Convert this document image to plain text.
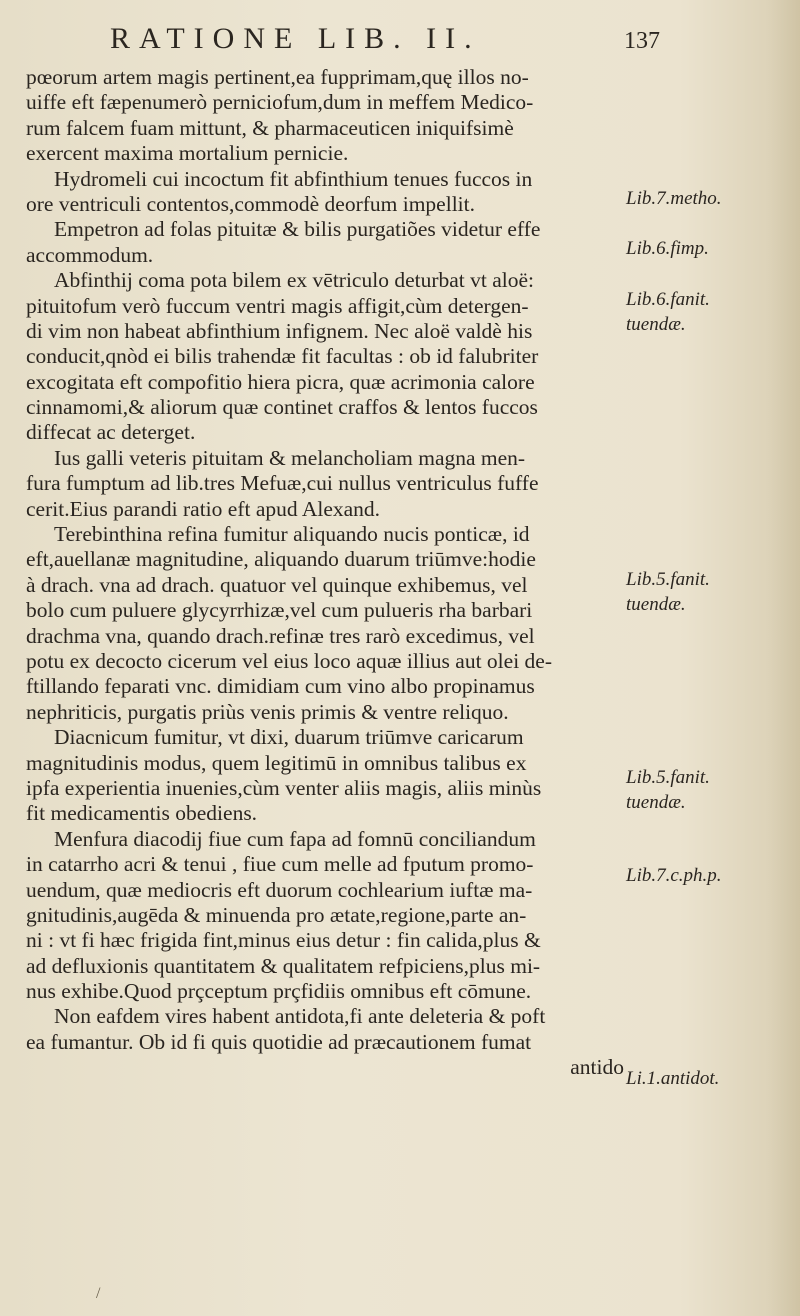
RATIONE LIB. II.	137
pœorum artem magis pertinent,ea fupprimam,quę illos no-
uiffe eft fæpenumerò perniciofum,dum in meffem Medico-
rum falcem fuam mittunt, & pharmaceuticen iniquifsimè
exercent maxima mortalium pernicie.
Hydromeli cui incoctum fit abfinthium tenues fuccos in
ore ventriculi contentos,commodè deorfum impellit.
Empetron ad folas pituitæ & bilis purgatiões videtur effe
accommodum.
Abfinthij coma pota bilem ex vētriculo deturbat vt aloë:
pituitofum verò fuccum ventri magis affigit,cùm detergen-
di vim non habeat abfinthium infignem. Nec aloë valdè his
conducit,qnòd ei bilis trahendæ fit facultas : ob id falubriter
excogitata eft compofitio hiera picra, quæ acrimonia calore
cinnamomi,& aliorum quæ continet craffos & lentos fuccos
diffecat ac deterget.
Ius galli veteris pituitam & melancholiam magna men-
fura fumptum ad lib.tres Mefuæ,cui nullus ventriculus fuffe
cerit.Eius parandi ratio eft apud Alexand.
Terebinthina refina fumitur aliquando nucis ponticæ, id
eft,auellanæ magnitudine, aliquando duarum triūmve:hodie
à drach. vna ad drach. quatuor vel quinque exhibemus, vel
bolo cum puluere glycyrrhizæ,vel cum pulueris rha barbari
drachma vna, quando drach.refinæ tres rarò excedimus, vel
potu ex decocto cicerum vel eius loco aquæ illius aut olei de-
ftillando feparati vnc. dimidiam cum vino albo propinamus
nephriticis, purgatis priùs venis primis & ventre reliquo.
Diacnicum fumitur, vt dixi, duarum triūmve caricarum
magnitudinis modus, quem legitimū in omnibus talibus ex
ipfa experientia inuenies,cùm venter aliis magis, aliis minùs
fit medicamentis obediens.
Menfura diacodij fiue cum fapa ad fomnū conciliandum
in catarrho acri & tenui , fiue cum melle ad fputum promo-
uendum, quæ mediocris eft duorum cochlearium iuftæ ma-
gnitudinis,augēda & minuenda pro ætate,regione,parte an-
ni : vt fi hæc frigida fint,minus eius detur : fin calida,plus &
ad defluxionis quantitatem & qualitatem refpiciens,plus mi-
nus exhibe.Quod prçceptum prçfidiis omnibus eft cōmune.
Non eafdem vires habent antidota,fi ante deleteria & poft
ea fumantur. Ob id fi quis quotidie ad præcautionem fumat
antido
Lib.7.metho.
Lib.6.fimp.
Lib.6.fanit.
tuendæ.
Lib.5.fanit.
tuendæ.
Lib.5.fanit.
tuendæ.
Lib.7.c.ph.p.
Li.1.antidot.
/
